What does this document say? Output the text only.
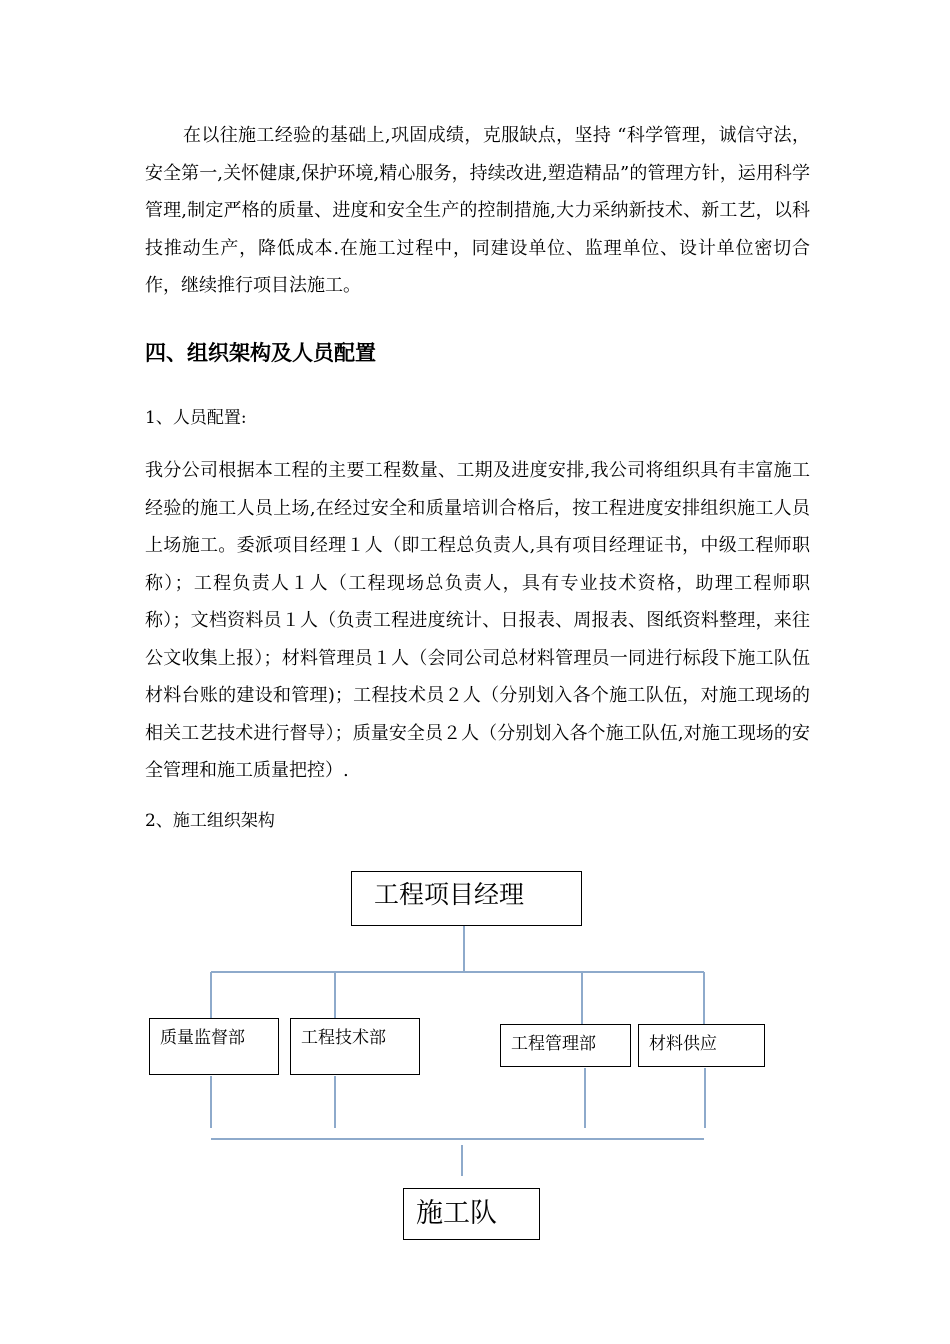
在以往施工经验的基础上,巩固成绩，克服缺点，坚持 “科学管理，诚信守法，安全第一,关怀健康,保护环境,精心服务，持续改进,塑造精品”的管理方针，运用科学管理,制定严格的质量、进度和安全生产的控制措施,大力采纳新技术、新工艺，以科技推动生产，降低成本.在施工过程中，同建设单位、监理单位、设计单位密切合作，继续推行项目法施工。

四、组织架构及人员配置

1、人员配置:

我分公司根据本工程的主要工程数量、工期及进度安排,我公司将组织具有丰富施工经验的施工人员上场,在经过安全和质量培训合格后，按工程进度安排组织施工人员上场施工。委派项目经理１人（即工程总负责人,具有项目经理证书，中级工程师职称）；工程负责人１人（工程现场总负责人，具有专业技术资格，助理工程师职称）；文档资料员１人（负责工程进度统计、日报表、周报表、图纸资料整理，来往公文收集上报）；材料管理员１人（会同公司总材料管理员一同进行标段下施工队伍材料台账的建设和管理)；工程技术员２人（分别划入各个施工队伍，对施工现场的相关工艺技术进行督导）；质量安全员２人（分别划入各个施工队伍,对施工现场的安全管理和施工质量把控）.

2、施工组织架构

工程项目经理
质量监督部	工程技术部	工程管理部	材料供应
施工队
